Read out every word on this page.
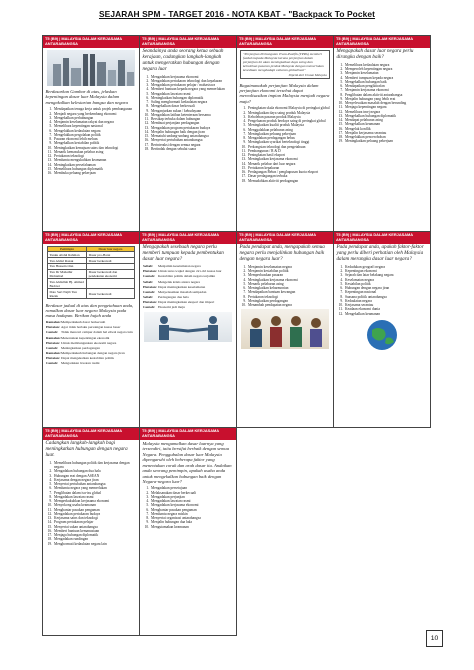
SEJARAH SPM - TARGET 2016 - NOTA KBAT - "Backpack To Pocket
T5 (B9) | MALAYSIA DALAM KERJASAMA ANTARABANGSA
Berdasarkan Gambar di atas, jelaskan kepentingan dasar luar Malaysia dalam mengekalkan kelestarian bangsa dan negara
1. Mendapatkan tenaga kerja untuk projek pembangunan
2. Menjadi negara yang berkembang ekonomi
3. Mengekalkan perhubungan
4. Menjamin keselamatan rakyat dan negara
5. Memelihara kepentingan nasional
6. Mengelakkan kedaulatan negara
7. Mengelakkan pergolakan politik
8. Pasaran ekonomi lebih meluas
9. Mengekalkan kestabilan politik
10. Meningkatkan kemajuan sains dan teknologi
11. Menarik kemasukan pelabur asing
12. Pertukaran teknologi
13. Membantu mengukuhkan keamanan
14. Meningkatkan persefahaman
15. Memelihara hubungan diplomatik
16. Membuka peluang pekerjaan
T5 (B9) | MALAYSIA DALAM KERJASAMA ANTARABANGSA
Seandainya anda seorang ketua sebuah kerajaan, cadangkan langkah-langkah untuk mengeratkan hubungan dengan negara luar
1. Mengadakan kerjasama ekonomi
2. Mengadakan pertukaran teknologi dan kepakaran
3. Mengadakan pertukaran pelajar / mahasiswa
4. Memberi bantuan kepada negara yang memerlukan
5. Mengadakan lawatan rasmi
6. Meningkatkan hubungan diplomatik
7. Saling menghormati kedaulatan negara
8. Mengekalkan dasar berkecuali
9. Menganjurkan sukan / kebudayaan
10. Mengadakan latihan ketenteraan bersama
11. Bersikap terbuka dalam hubungan
12. Membuat perjanjian perdagangan
13. Mengadakan program pertukaran budaya
14. Menjalin hubungan baik dengan jiran
15. Mematuhi undang-undang antarabangsa
16. Menyertai pertubuhan antarabangsa
17. Berinteraksi dengan semua negara
18. Bertindak dengan sebulat suara
T5 (B9) | MALAYSIA DALAM KERJASAMA ANTARABANGSA
"Perjanjian Perkongsian Trans-Pasifik (TPPA) memberi faedah kepada Malaysia kerana perjanjian dalam perjanjian ini akan meningkatkan daya saing dan kebolehan pasaran produk Malaysia dengan memerlukan kesediaan menghadapi cabaran globalisasi"
Dipetik dari Utusan Malaysia
Bagaimanakah perjanjian Malaysia dalam perjanjian ekonomi tersebut dapat merealisasikan impian Malaysia menjadi negara maju?
1. Peningkatan skala ekonomi Malaysia di peringkat global
2. Meningkatkan daya saing produk Malaysia
3. Kebolehan pasaran produk Malaysia
4. Pengeluaran produk berdaya saing di peringkat global
5. Meningkatkan kualiti produk Malaysia
6. Menggalakkan pelaburan asing
7. Meningkatkan peluang pekerjaan
8. Mengadakan perdagangan bebas
9. Meningkatkan syarikat berteknologi tinggi
10. Perkongsian teknologi dan pengetahuan
11. Pembangunan / R & D
12. Peningkatan hasil eksport
13. Meningkatkan kerjasama ekonomi
14. Menarik pelabur dari luar negara
15. Pertukaran kepakaran
16. Perdagangan Bebas / penghapusan kuota eksport
17. Dasar perdagangan terbuka
18. Memudahkan aktiviti perdagangan
T5 (B9) | MALAYSIA DALAM KERJASAMA ANTARABANGSA
Mengapakah dasar luar negara perlu dirangka dengan baik?
1. Memelihara kedaulatan negara
2. Memperoleh kepentingan negara
3. Menjamin keselamatan
4. Memberi tumpuan kepada negara
5. Mengekalkan hubungan baik
6. Mendapatkan pengiktirafan
7. Menjamin kerjasama ekonomi
8. Penglibatan dalam aktiviti antarabangsa
9. Menjalin hubungan yang lebih erat
10. Menyelesaikan masalah dengan berunding
11. Menjaga kepentingan negara
12. Memelihara imej negara
13. Mengekalkan hubungan diplomatik
14. Mendapat pelaburan asing
15. Mengekalkan keamanan
16. Mengelak konflik
17. Menjalin kerjasama serantau
18. Mengelakkan pencerobohan
19. Meningkatkan peluang pekerjaan
T5 (B9) | MALAYSIA DALAM KERJASAMA ANTARABANGSA
Pemimpin	Dasar luar negara
Tunku Abdul Rahman	Dasar pro-Barat
Tun Abdul Razak	Dasar berkecuali
Tun Hussein Onn	
Tun Dr Mahathir Mohamad	Dasar berkecuali dan pendekatan ekonomi
Tun Abdullah Hj. Ahmad Badawi	
Dato Seri Najib Tun Razak	Dasar berkecuali
Berdasar jadual di atas dan pengetahuan anda, ramalkan dasar luar negara Malaysia pada masa hadapan. Berikan hujah anda
Ramalan:Memperkukuh dasar berkecuali
Huraian:Agar tidak berlaku persaingan kuasa besar
Contoh: Tidak mencari campur dalam hal ehwal negara lain
Ramalan:Meneruskan kepentingan ekonomi
Huraian:Untuk membangunkan ekonomi negara
Contoh: Meningkatkan perdagangan
Ramalan:Memperkukuh hubungan dengan negara jiran
Huraian:Dapat mengekalkan kestabilan politik
Contoh: Mengadakan lawatan rasmi
T5 (B9) | MALAYSIA DALAM KERJASAMA ANTARABANGSA
Mengapakah sesebuah negara perlu memberi tumpuan kepada pembentukan dasar luar negara?
Sebab: Menjamin keselamatan negara
Huraian:Untuk terus wujud dengan ciri-ciri kuasa luar
Contoh: Kestabilan politik dalam negara terjamin
Sebab: Mengelak krisis antara negara
Huraian:Dapat meningkatkan keselamatan
Contoh: Menyelesaikan masalah sempadan
Sebab: Perdagangan dua hala
Huraian:Dapat meningkatkan eksport dan import
Contoh: Ekonomi jadi maju
T5 (B9) | MALAYSIA DALAM KERJASAMA ANTARABANGSA
Pada pendapat anda, mengapakah semua negara perlu menjalinkan hubungan baik dengan negara luar?
1. Menjamin keselamatan negara
2. Menjamin kestabilan politik
3. Memperluaskan pasaran
4. Meningkatkan kerjasama ekonomi
5. Menarik pelaburan asing
6. Meningkatkan keharmonian
7. Mendapatkan bantuan kewangan
8. Pertukaran teknologi
9. Meningkatkan perdagangan
10. Menambah pendapatan negara
T5 (B9) | MALAYSIA DALAM KERJASAMA ANTARABANGSA
Pada pendapat anda, apakah faktor-faktor yang perlu diberi perhatian oleh Malaysia dalam merangka dasar luar negara?
1. Kedudukan geografi negara
2. Kepentingan ekonomi
3. Sejarah dan latar belakang negara
4. Keselamatan negara
5. Kestabilan politik
6. Hubungan dengan negara jiran
7. Kepentingan nasional
8. Suasana politik antarabangsa
9. Kedaulatan negara
10. Kerjasama serantau
11. Keadaan ekonomi dunia
12. Mengekalkan keamanan
T5 (B9) | MALAYSIA DALAM KERJASAMA ANTARABANGSA
Cadangkan langkah-langkah bagi meningkatkan hubungan dengan negara luar.
1. Memelihara hubungan politik dan kerjasama dengan negara
2. Mengadakan hubungan dua hala
3. Hubungan erat dengan ASEAN
4. Kerjasama dengan negara jiran
5. Menyertai pertubuhan antarabangsa
6. Membantu negara yang memerlukan
7. Penglibatan dalam isu-isu global
8. Mengadakan lawatan rasmi
9. Memperkukuhkan kerjasama ekonomi
10. Menyokong usaha keamanan
11. Menghantar pasukan pengaman
12. Mengadakan pertukaran budaya
13. Kerjasama sains dan teknologi
14. Program pertukaran pelajar
15. Menyertai sukan antarabangsa
16. Memberi bantuan kemanusiaan
17. Menjaga hubungan diplomatik
18. Mengadakan rundingan
19. Menghormati kedaulatan negara lain
T5 (B9) | MALAYSIA DALAM KERJASAMA ANTARABANGSA
Malaysia mengamalkan dasar luarnya yang tersendiri, iaitu bersifat berbaik dengan semua Negara. Penggubalan dasar luar Malaysia dipengaruhi oleh beberapa faktor yang menentukan corak dan arah dasar itu. Andaikan anda seorang pemimpin, apakah usaha anda untuk mengekalkan hubungan baik dengan Negara-negara luar?
1. Mengadakan persetujuan
2. Melaksanakan dasar berkecuali
3. Mengadakan perjanjian
4. Mengadakan lawatan rasmi
5. Mengadakan kerjasama ekonomi
6. Menghantar pasukan pengaman
7. Membantu negara miskin
8. Menyertai organisasi antarabangsa
9. Menjalin hubungan dua hala
10. Mengutamakan keamanan
10
